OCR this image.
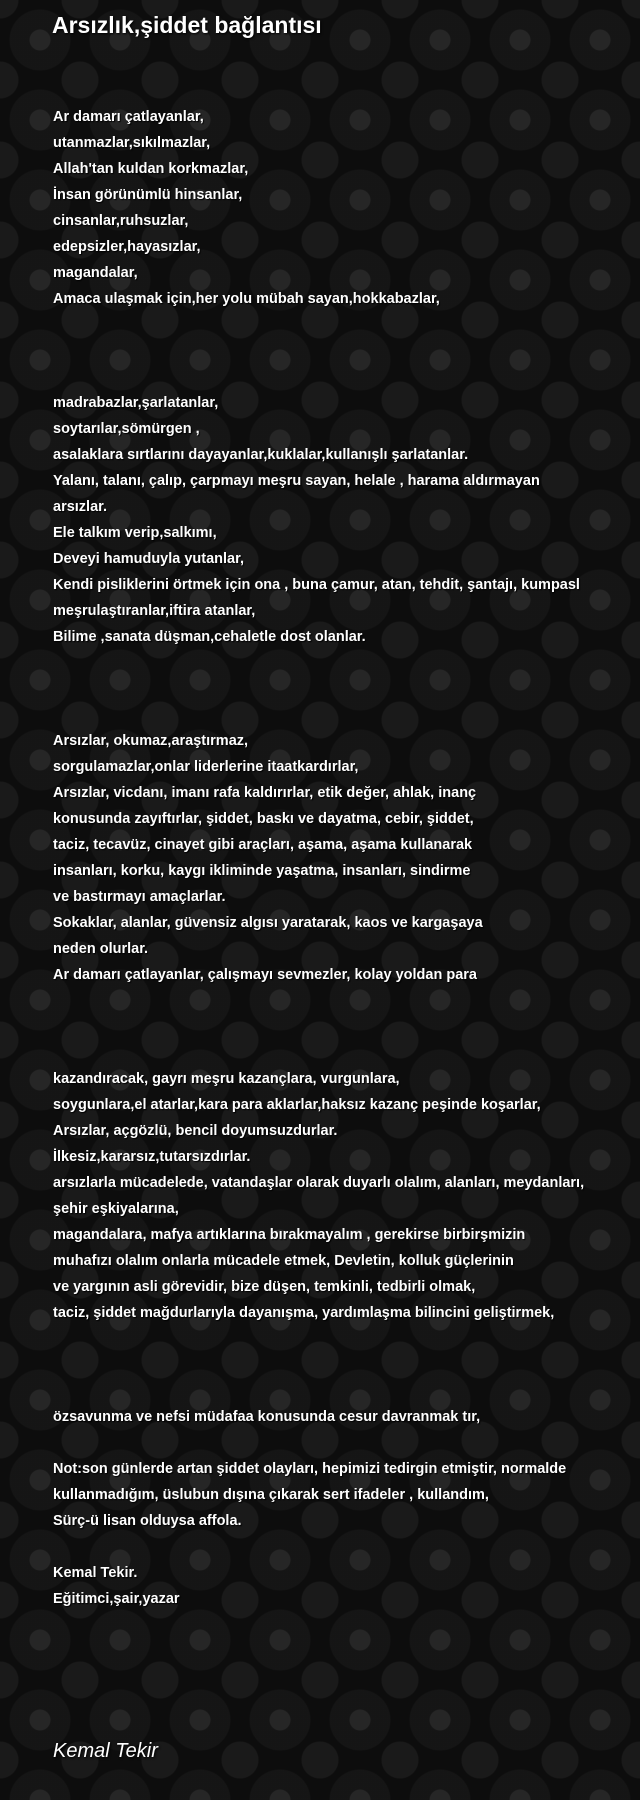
Arsızlık,şiddet bağlantısı
Ar damarı çatlayanlar,
utanmazlar,sıkılmazlar,
Allah'tan kuldan korkmazlar,
İnsan görünümlü hinsanlar,
cinsanlar,ruhsuzlar,
edepsizler,hayasızlar,
magandalar,
Amaca ulaşmak için,her yolu mübah sayan,hokkabazlar,
madrabazlar,şarlatanlar,
soytarılar,sömürgen ,
asalaklara sırtlarını dayayanlar,kuklalar,kullanışlı şarlatanlar.
Yalanı, talanı, çalıp, çarpmayı meşru sayan, helale , harama aldırmayan
arsızlar.
Ele talkım verip,salkımı,
Deveyi hamuduyla yutanlar,
Kendi pisliklerini örtmek için ona , buna çamur, atan, tehdit, şantajı, kumpasl
meşrulaştıranlar,iftira atanlar,
Bilime ,sanata düşman,cehaletle dost olanlar.
Arsızlar, okumaz,araştırmaz,
sorgulamazlar,onlar liderlerine itaatkardırlar,
Arsızlar, vicdanı, imanı rafa kaldırırlar, etik değer, ahlak, inanç
konusunda zayıftırlar, şiddet, baskı ve dayatma, cebir, şiddet,
taciz, tecavüz, cinayet gibi araçları, aşama, aşama kullanarak
insanları, korku, kaygı ikliminde yaşatma, insanları, sindirme
ve bastırmayı amaçlarlar.
Sokaklar, alanlar, güvensiz algısı yaratarak, kaos ve kargaşaya
neden olurlar.
Ar damarı çatlayanlar, çalışmayı sevmezler, kolay yoldan para
kazandıracak, gayrı meşru kazançlara, vurgunlara,
soygunlara,el atarlar,kara para aklarlar,haksız kazanç peşinde koşarlar,
Arsızlar, açgözlü, bencil doyumsuzdurlar.
İlkesiz,kararsız,tutarsızdırlar.
arsızlarla mücadelede, vatandaşlar olarak duyarlı olalım, alanları, meydanları,
şehir eşkiyalarına,
magandalara, mafya artıklarına bırakmayalım , gerekirse birbirşmizin
muhafızı olalım onlarla mücadele etmek, Devletin, kolluk güçlerinin
ve yargının asli görevidir, bize düşen, temkinli, tedbirli olmak,
taciz, şiddet mağdurlarıyla dayanışma, yardımlaşma bilincini geliştirmek,
özsavunma ve nefsi müdafaa konusunda cesur davranmak tır,
Not:son günlerde artan şiddet olayları, hepimizi tedirgin etmiştir, normalde
kullanmadığım, üslubun dışına çıkarak sert ifadeler , kullandım,
Sürç-ü lisan olduysa affola.
Kemal Tekir.
Eğitimci,şair,yazar
Kemal Tekir
